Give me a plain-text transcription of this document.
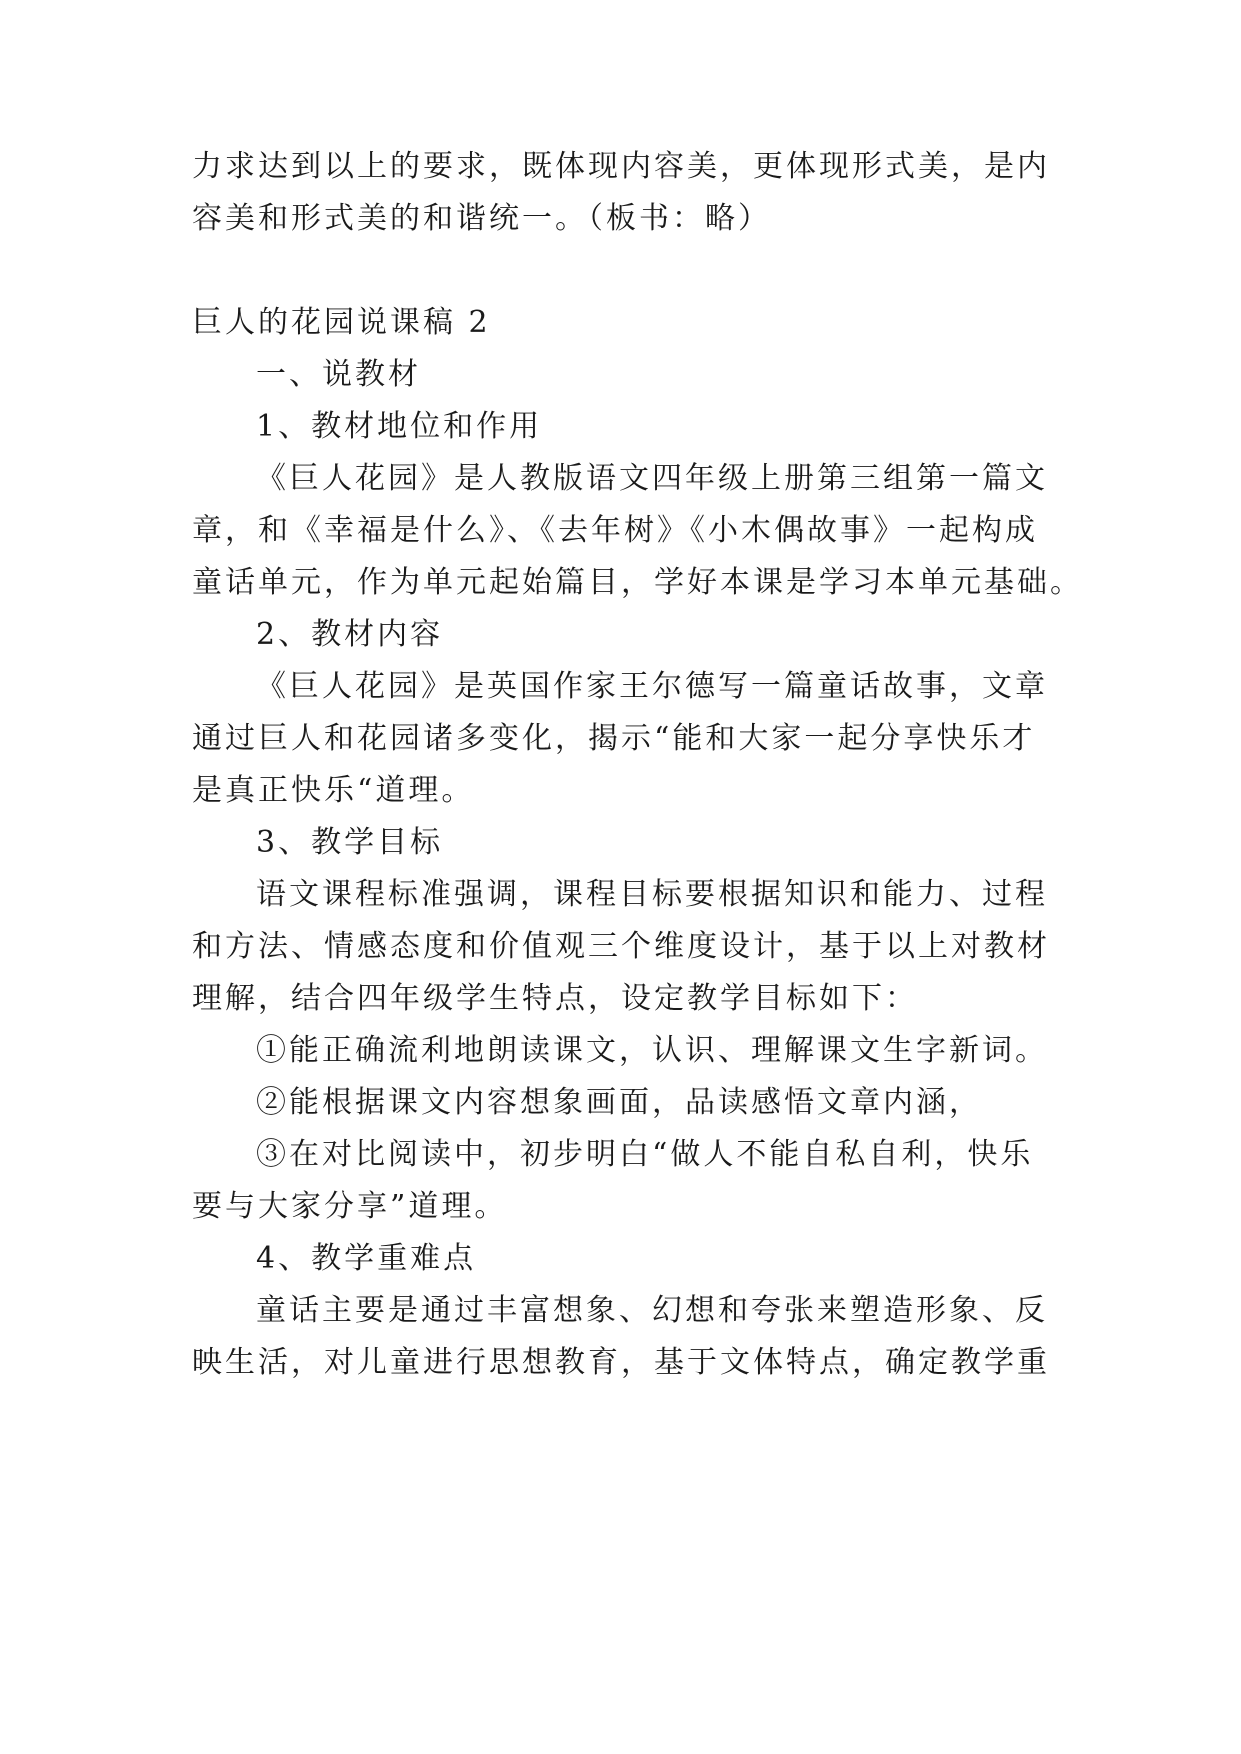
力求达到以上的要求，既体现内容美，更体现形式美，是内
容美和形式美的和谐统一。（板书：略）
巨人的花园说课稿 2
一、说教材
1、教材地位和作用
《巨人花园》是人教版语文四年级上册第三组第一篇文
章，和《幸福是什么》、《去年树》《小木偶故事》一起构成
童话单元，作为单元起始篇目，学好本课是学习本单元基础。
2、教材内容
《巨人花园》是英国作家王尔德写一篇童话故事，文章
通过巨人和花园诸多变化，揭示“能和大家一起分享快乐才
是真正快乐“道理。
3、教学目标
语文课程标准强调，课程目标要根据知识和能力、过程
和方法、情感态度和价值观三个维度设计，基于以上对教材
理解，结合四年级学生特点，设定教学目标如下：
①能正确流利地朗读课文，认识、理解课文生字新词。
②能根据课文内容想象画面，品读感悟文章内涵，
③在对比阅读中，初步明白“做人不能自私自利，快乐
要与大家分享”道理。
4、教学重难点
童话主要是通过丰富想象、幻想和夸张来塑造形象、反
映生活，对儿童进行思想教育，基于文体特点，确定教学重
